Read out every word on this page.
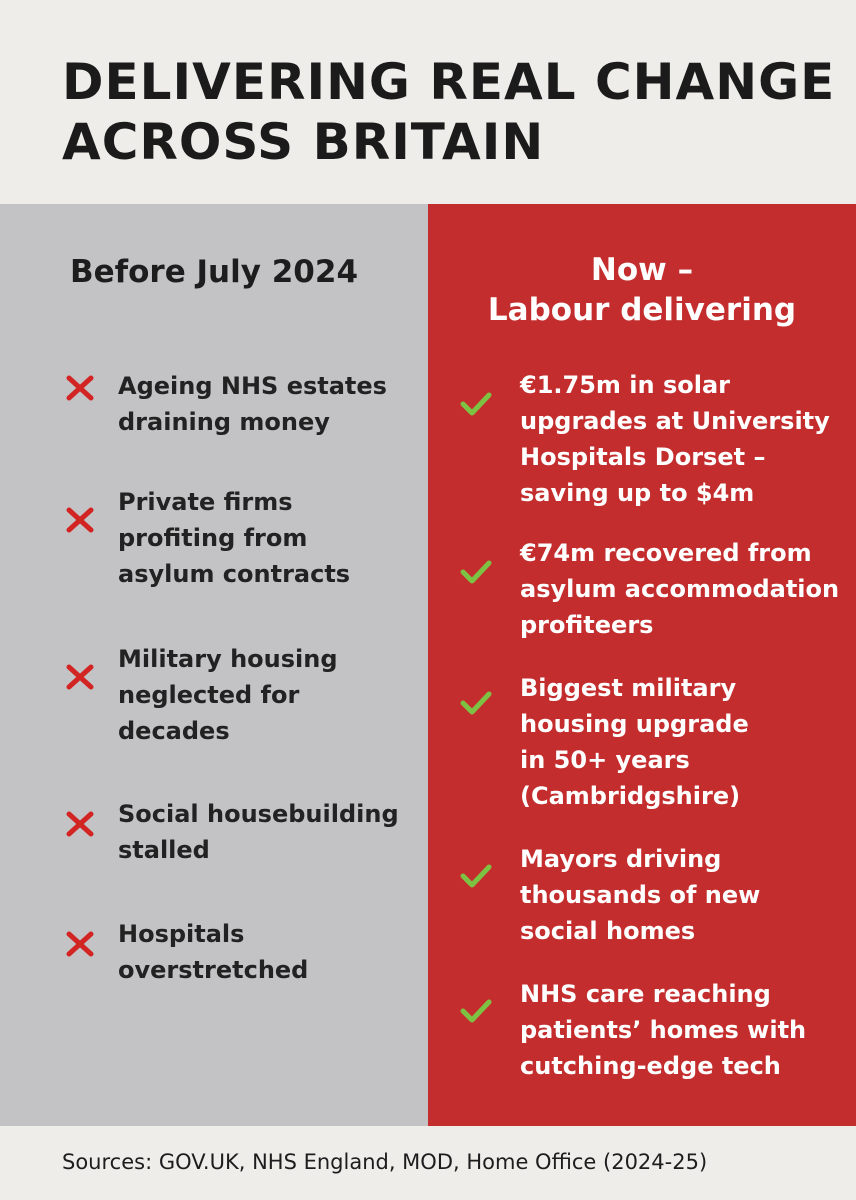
DELIVERING REAL CHANGE
ACROSS BRITAIN
Before July 2024
Ageing NHS estates
draining money
Private firms
profiting from
asylum contracts
Military housing
neglected for
decades
Social housebuilding
stalled
Hospitals
overstretched
Now –
Labour delivering
€1.75m in solar
upgrades at University
Hospitals Dorset –
saving up to $4m
€74m recovered from
asylum accommodation
profiteers
Biggest military
housing upgrade
in 50+ years
(Cambridgshire)
Mayors driving
thousands of new
social homes
NHS care reaching
patients’ homes with
cutching-edge tech
Sources: GOV.UK, NHS England, MOD, Home Office (2024-25)
